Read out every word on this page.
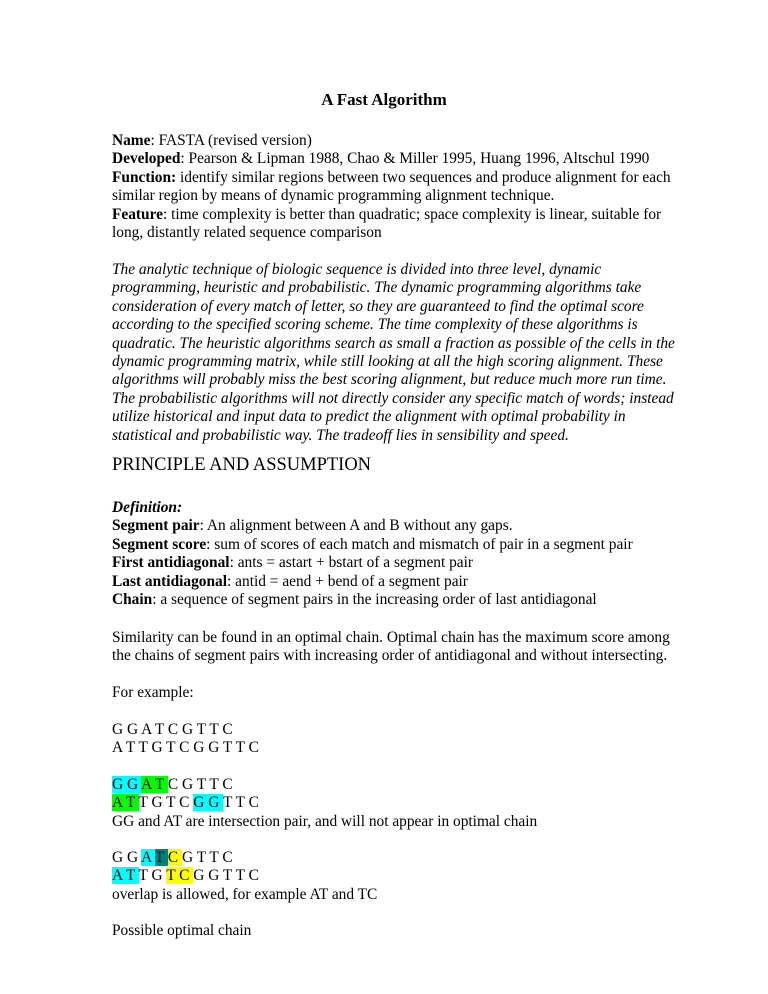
A Fast Algorithm
Name: FASTA (revised version)
Developed: Pearson & Lipman 1988, Chao & Miller 1995, Huang 1996, Altschul 1990
Function: identify similar regions between two sequences and produce alignment for each
similar region by means of dynamic programming alignment technique.
Feature: time complexity is better than quadratic; space complexity is linear, suitable for
long, distantly related sequence comparison
The analytic technique of biologic sequence is divided into three level, dynamic
programming, heuristic and probabilistic. The dynamic programming algorithms take
consideration of every match of letter, so they are guaranteed to find the optimal score
according to the specified scoring scheme. The time complexity of these algorithms is
quadratic. The heuristic algorithms search as small a fraction as possible of the cells in the
dynamic programming matrix, while still looking at all the high scoring alignment. These
algorithms will probably miss the best scoring alignment, but reduce much more run time.
The probabilistic algorithms will not directly consider any specific match of words; instead
utilize historical and input data to predict the alignment with optimal probability in
statistical and probabilistic way. The tradeoff lies in sensibility and speed.
PRINCIPLE AND ASSUMPTION
Definition:
Segment pair: An alignment between A and B without any gaps.
Segment score: sum of scores of each match and mismatch of pair in a segment pair
First antidiagonal: ants = astart + bstart of a segment pair
Last antidiagonal: antid = aend + bend of a segment pair
Chain: a sequence of segment pairs in the increasing order of last antidiagonal
Similarity can be found in an optimal chain. Optimal chain has the maximum score among
the chains of segment pairs with increasing order of antidiagonal and without intersecting.
For example:
G G A T C G T T C
A T T G T C G G T T C
G G A T C G T T C
A T T G T C G G T T C
GG and AT are intersection pair, and will not appear in optimal chain
G G A T C G T T C
A T T G T C G G T T C
overlap is allowed, for example AT and TC
Possible optimal chain
